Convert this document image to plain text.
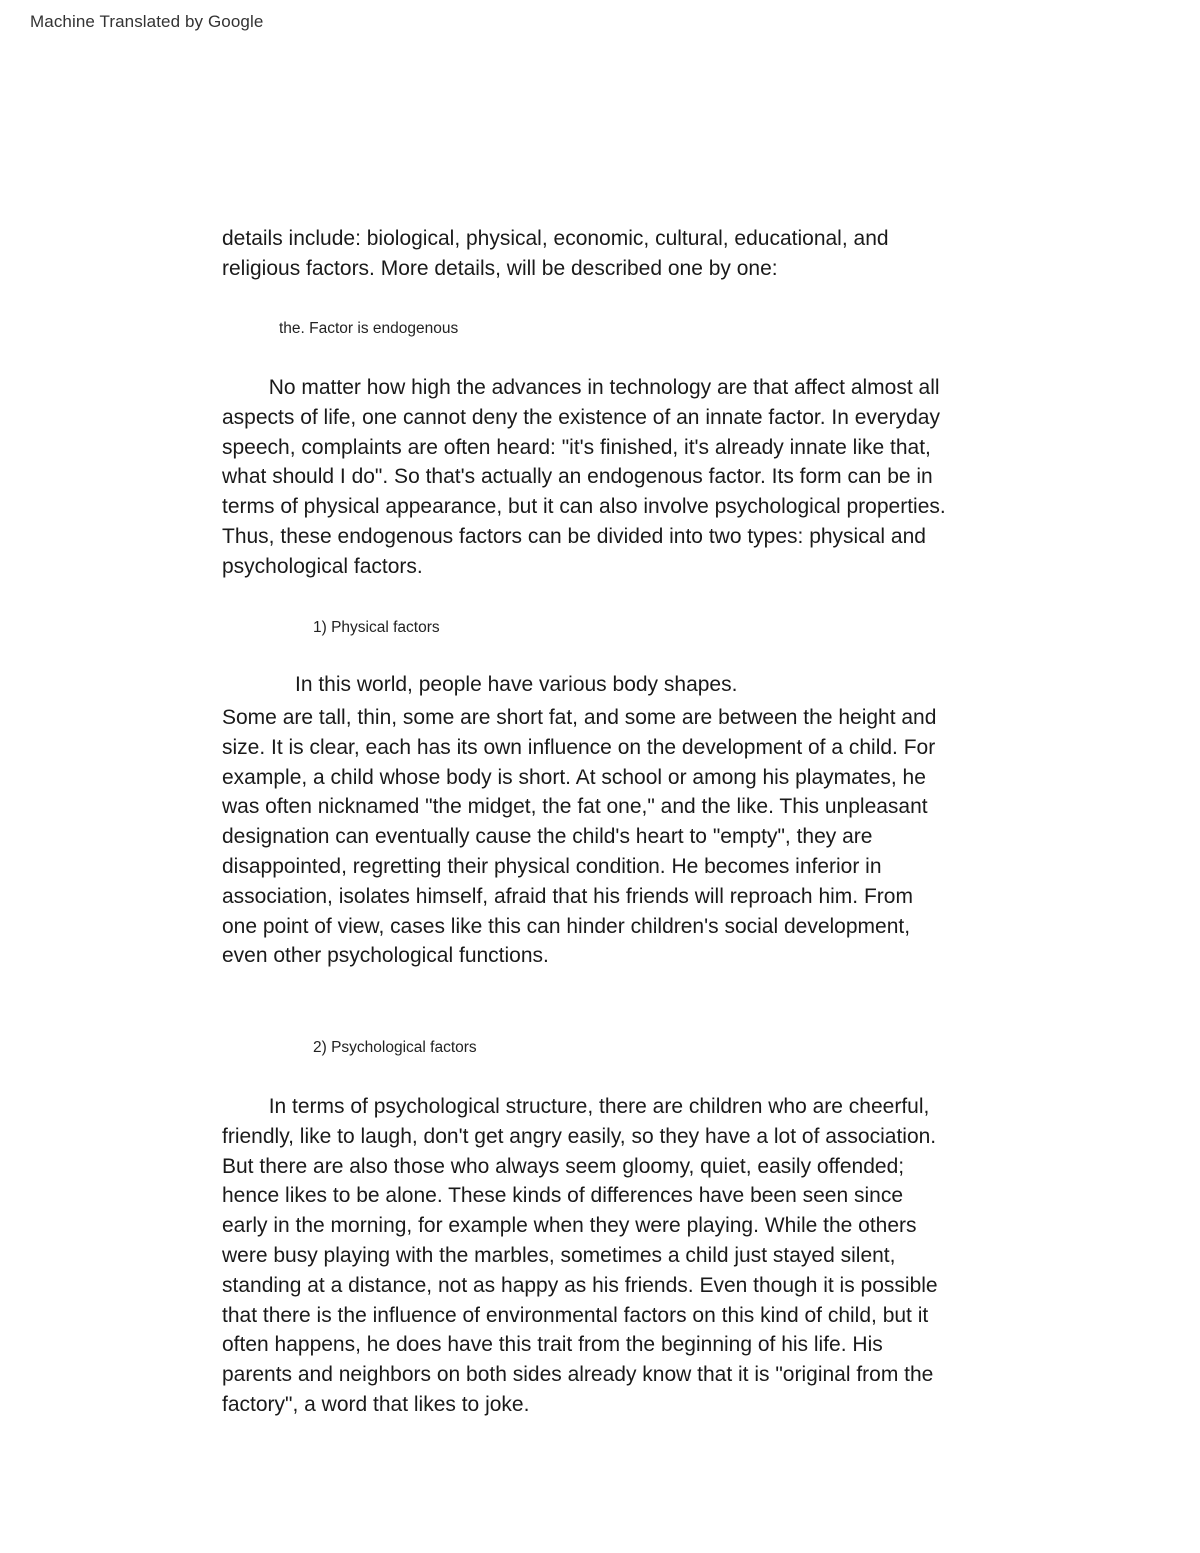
Machine Translated by Google
details include: biological, physical, economic, cultural, educational, and
religious factors. More details, will be described one by one:
the. Factor is endogenous
No matter how high the advances in technology are that affect almost all
aspects of life, one cannot deny the existence of an innate factor. In everyday
speech, complaints are often heard: "it's finished, it's already innate like that,
what should I do". So that's actually an endogenous factor. Its form can be in
terms of physical appearance, but it can also involve psychological properties.
Thus, these endogenous factors can be divided into two types: physical and
psychological factors.
1) Physical factors
In this world, people have various body shapes.
Some are tall, thin, some are short fat, and some are between the height and
size. It is clear, each has its own influence on the development of a child. For
example, a child whose body is short. At school or among his playmates, he
was often nicknamed "the midget, the fat one," and the like. This unpleasant
designation can eventually cause the child's heart to "empty", they are
disappointed, regretting their physical condition. He becomes inferior in
association, isolates himself, afraid that his friends will reproach him. From
one point of view, cases like this can hinder children's social development,
even other psychological functions.
2) Psychological factors
In terms of psychological structure, there are children who are cheerful,
friendly, like to laugh, don't get angry easily, so they have a lot of association.
But there are also those who always seem gloomy, quiet, easily offended;
hence likes to be alone. These kinds of differences have been seen since
early in the morning, for example when they were playing. While the others
were busy playing with the marbles, sometimes a child just stayed silent,
standing at a distance, not as happy as his friends. Even though it is possible
that there is the influence of environmental factors on this kind of child, but it
often happens, he does have this trait from the beginning of his life. His
parents and neighbors on both sides already know that it is "original from the
factory", a word that likes to joke.
